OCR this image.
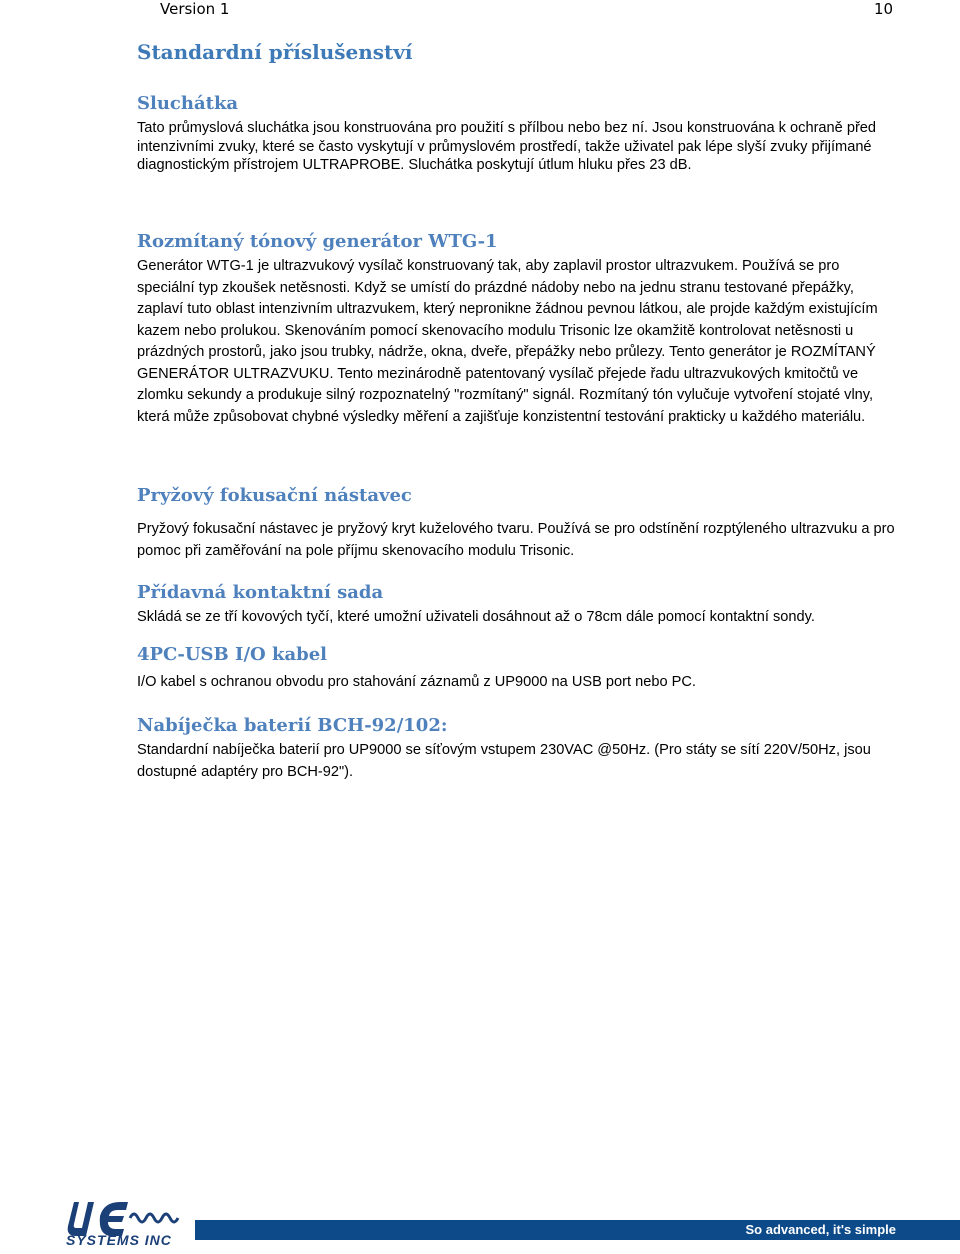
Version 1	10
Standardní příslušenství
Sluchátka

Tato průmyslová sluchátka jsou konstruována pro použití s přílbou nebo bez ní. Jsou konstruována k ochraně před intenzivními zvuky, které se často vyskytují v průmyslovém prostředí, takže uživatel pak lépe slyší zvuky přijímané diagnostickým přístrojem ULTRAPROBE. Sluchátka poskytují útlum hluku přes 23 dB.

Rozmítaný tónový generátor WTG-1

Generátor WTG-1 je ultrazvukový vysílač konstruovaný tak, aby zaplavil prostor ultrazvukem. Používá se pro speciální typ zkoušek netěsnosti. Když se umístí do prázdné nádoby nebo na jednu stranu testované přepážky, zaplaví tuto oblast intenzivním ultrazvukem, který nepronikne žádnou pevnou látkou, ale projde každým existujícím kazem nebo prolukou. Skenováním pomocí skenovacího modulu Trisonic lze okamžitě kontrolovat netěsnosti u prázdných prostorů, jako jsou trubky, nádrže, okna, dveře, přepážky nebo průlezy. Tento generátor je ROZMÍTANÝ GENERÁTOR ULTRAZVUKU. Tento mezinárodně patentovaný vysílač přejede řadu ultrazvukových kmitočtů ve zlomku sekundy a produkuje silný rozpoznatelný "rozmítaný" signál. Rozmítaný tón vylučuje vytvoření stojaté vlny, která může způsobovat chybné výsledky měření a zajišťuje konzistentní testování prakticky u každého materiálu.

Pryžový fokusační nástavec

Pryžový fokusační nástavec je pryžový kryt kuželového tvaru. Používá se pro odstínění rozptýleného ultrazvuku a pro pomoc při zaměřování na pole příjmu skenovacího modulu Trisonic.

Přídavná kontaktní sada

Skládá se ze tří kovových tyčí, které umožní uživateli dosáhnout až o 78cm dále pomocí kontaktní sondy.

4PC-USB I/O kabel

I/O kabel s ochranou obvodu pro stahování záznamů z UP9000 na USB port nebo PC.

Nabíječka baterií BCH-92/102:

Standardní nabíječka baterií pro UP9000 se síťovým vstupem 230VAC @50Hz. (Pro státy se sítí 220V/50Hz, jsou dostupné adaptéry pro BCH-92").

So advanced, it's simple
SYSTEMS INC
